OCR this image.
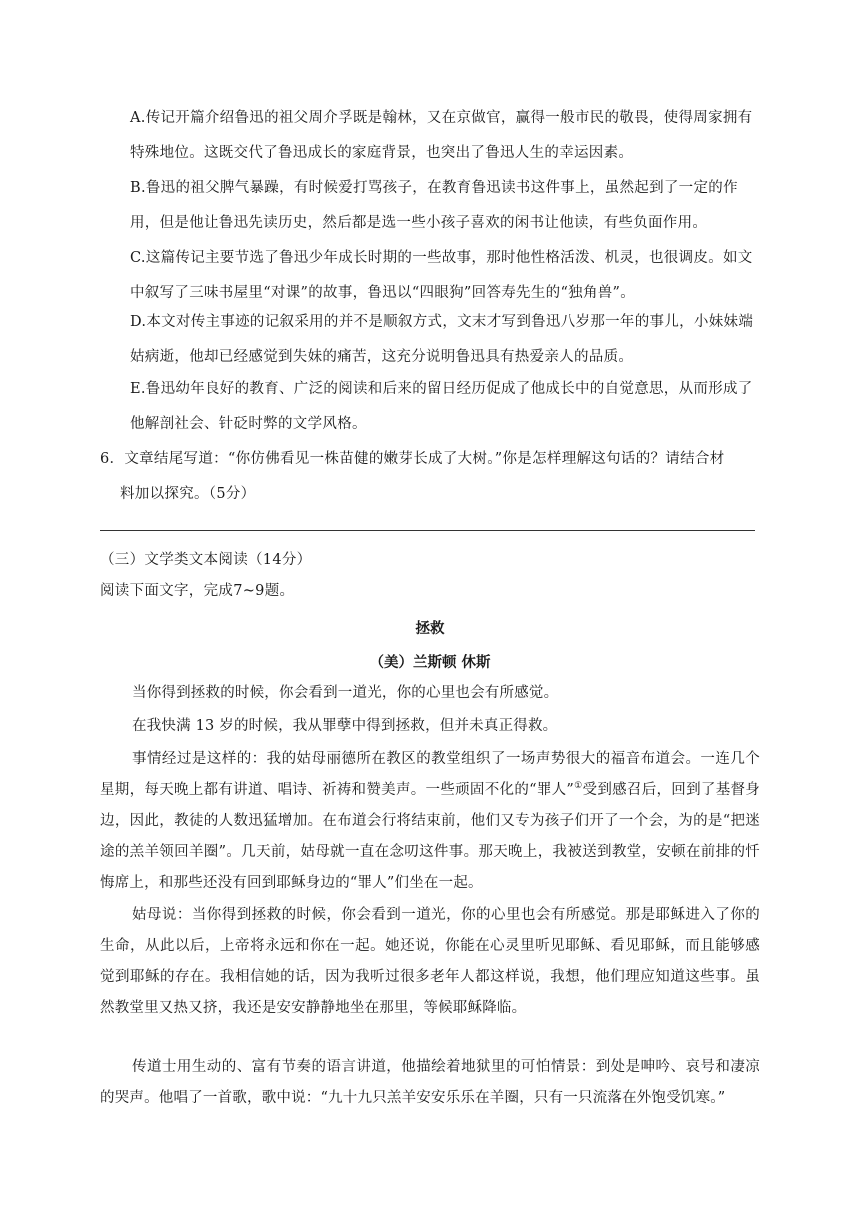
A.传记开篇介绍鲁迅的祖父周介孚既是翰林，又在京做官，赢得一般市民的敬畏，使得周家拥有特殊地位。这既交代了鲁迅成长的家庭背景，也突出了鲁迅人生的幸运因素。

B.鲁迅的祖父脾气暴躁，有时候爱打骂孩子，在教育鲁迅读书这件事上，虽然起到了一定的作用，但是他让鲁迅先读历史，然后都是选一些小孩子喜欢的闲书让他读，有些负面作用。

C.这篇传记主要节选了鲁迅少年成长时期的一些故事，那时他性格活泼、机灵，也很调皮。如文中叙写了三味书屋里“对课”的故事，鲁迅以“四眼狗”回答寿先生的“独角兽”。

D.本文对传主事迹的记叙采用的并不是顺叙方式，文末才写到鲁迅八岁那一年的事儿，小妹妹端姑病逝，他却已经感觉到失妹的痛苦，这充分说明鲁迅具有热爱亲人的品质。

E.鲁迅幼年良好的教育、广泛的阅读和后来的留日经历促成了他成长中的自觉意思，从而形成了他解剖社会、针砭时弊的文学风格。

6．文章结尾写道：“你仿佛看见一株苗健的嫩芽长成了大树。”你是怎样理解这句话的？请结合材
料加以探究。（5分）

（三）文学类文本阅读（14分）

阅读下面文字，完成7~9题。

拯救

（美）兰斯顿 休斯

当你得到拯救的时候，你会看到一道光，你的心里也会有所感觉。

在我快满 13 岁的时候，我从罪孽中得到拯救，但并未真正得救。

事情经过是这样的：我的姑母丽德所在教区的教堂组织了一场声势很大的福音布道会。一连几个星期，每天晚上都有讲道、唱诗、祈祷和赞美声。一些顽固不化的“罪人”①受到感召后，回到了基督身边，因此，教徒的人数迅猛增加。在布道会行将结束前，他们又专为孩子们开了一个会，为的是“把迷途的羔羊领回羊圈”。几天前，姑母就一直在念叨这件事。那天晚上，我被送到教堂，安顿在前排的忏悔席上，和那些还没有回到耶稣身边的“罪人”们坐在一起。

姑母说：当你得到拯救的时候，你会看到一道光，你的心里也会有所感觉。那是耶稣进入了你的生命，从此以后，上帝将永远和你在一起。她还说，你能在心灵里听见耶稣、看见耶稣，而且能够感觉到耶稣的存在。我相信她的话，因为我听过很多老年人都这样说，我想，他们理应知道这些事。虽然教堂里又热又挤，我还是安安静静地坐在那里，等候耶稣降临。

传道士用生动的、富有节奏的语言讲道，他描绘着地狱里的可怕情景：到处是呻吟、哀号和凄凉的哭声。他唱了一首歌，歌中说：“九十九只羔羊安安乐乐在羊圈，只有一只流落在外饱受饥寒。”
